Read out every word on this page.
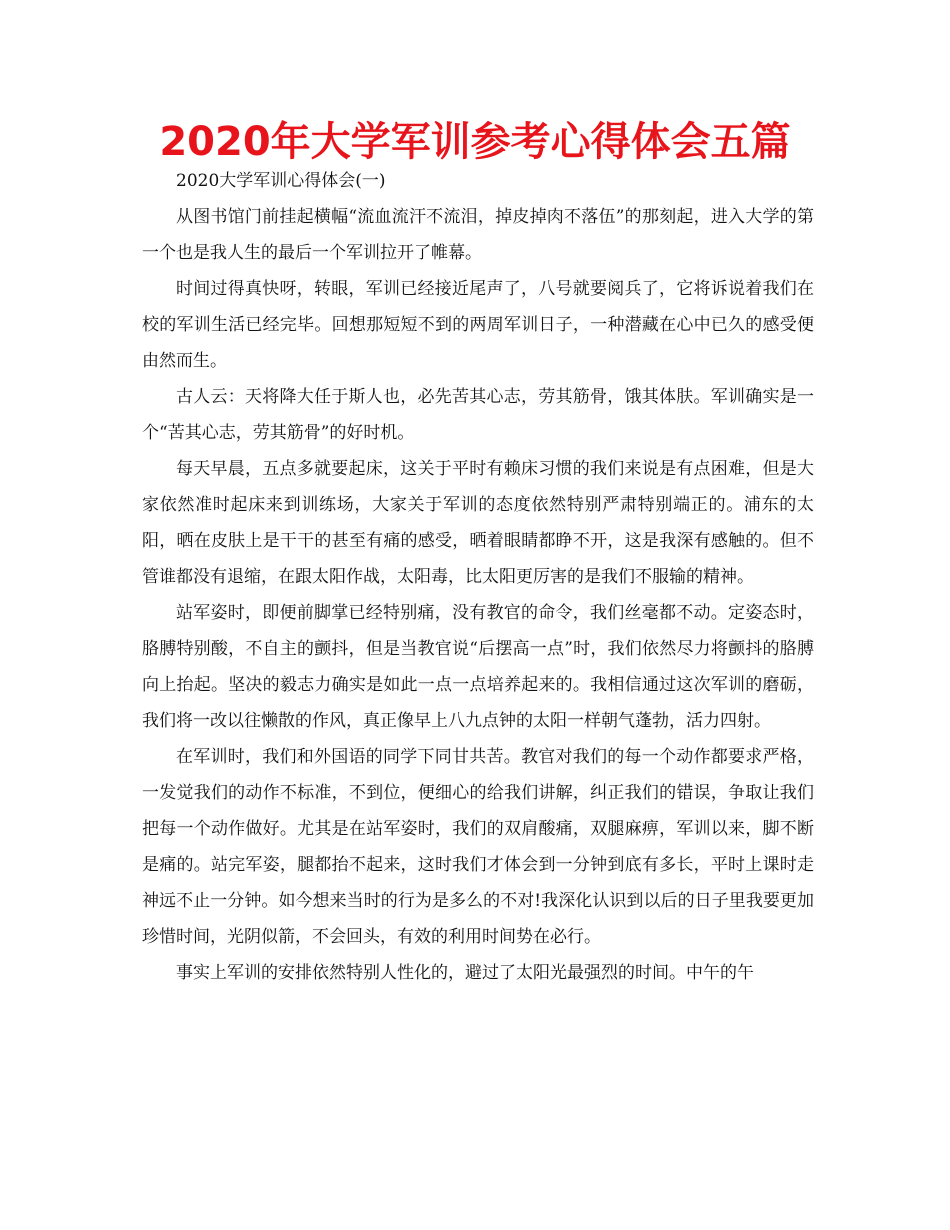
2020年大学军训参考心得体会五篇

2020大学军训心得体会(一)

从图书馆门前挂起横幅“流血流汗不流泪，掉皮掉肉不落伍”的那刻起，进入大学的第一个也是我人生的最后一个军训拉开了帷幕。

时间过得真快呀，转眼，军训已经接近尾声了，八号就要阅兵了，它将诉说着我们在校的军训生活已经完毕。回想那短短不到的两周军训日子，一种潜藏在心中已久的感受便由然而生。

古人云：天将降大任于斯人也，必先苦其心志，劳其筋骨，饿其体肤。军训确实是一个“苦其心志，劳其筋骨”的好时机。

每天早晨，五点多就要起床，这关于平时有赖床习惯的我们来说是有点困难，但是大家依然准时起床来到训练场，大家关于军训的态度依然特别严肃特别端正的。浦东的太阳，晒在皮肤上是干干的甚至有痛的感受，晒着眼睛都睁不开，这是我深有感触的。但不管谁都没有退缩，在跟太阳作战，太阳毒，比太阳更厉害的是我们不服输的精神。

站军姿时，即便前脚掌已经特别痛，没有教官的命令，我们丝毫都不动。定姿态时，胳膊特别酸，不自主的颤抖，但是当教官说“后摆高一点”时，我们依然尽力将颤抖的胳膊向上抬起。坚决的毅志力确实是如此一点一点培养起来的。我相信通过这次军训的磨砺，我们将一改以往懒散的作风，真正像早上八九点钟的太阳一样朝气蓬勃，活力四射。

在军训时，我们和外国语的同学下同甘共苦。教官对我们的每一个动作都要求严格，一发觉我们的动作不标准，不到位，便细心的给我们讲解，纠正我们的错误，争取让我们把每一个动作做好。尤其是在站军姿时，我们的双肩酸痛，双腿麻痹，军训以来，脚不断是痛的。站完军姿，腿都抬不起来，这时我们才体会到一分钟到底有多长，平时上课时走神远不止一分钟。如今想来当时的行为是多么的不对!我深化认识到以后的日子里我要更加珍惜时间，光阴似箭，不会回头，有效的利用时间势在必行。

事实上军训的安排依然特别人性化的，避过了太阳光最强烈的时间。中午的午
